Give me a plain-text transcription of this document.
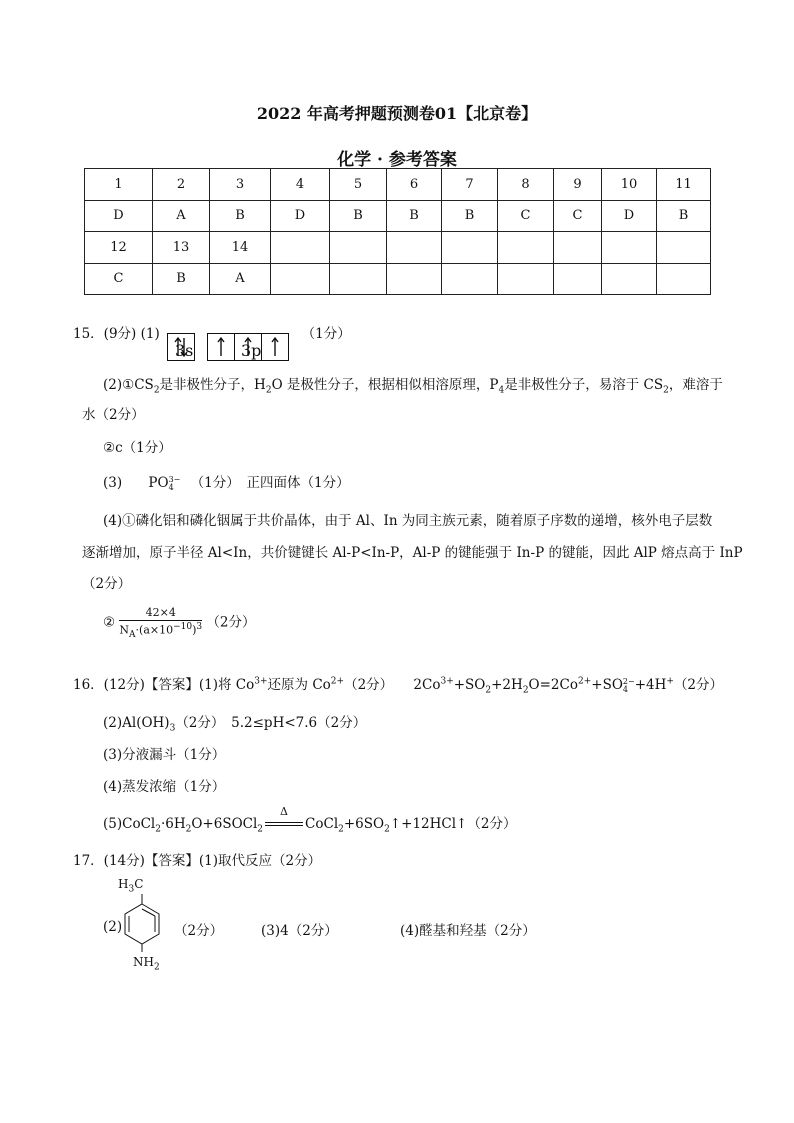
2022 年高考押题预测卷01【北京卷】
化学 · 参考答案
1	2	3	4	5	6	7	8	9	10	11
D	A	B	D	B	B	B	C	C	D	B
12	13	14								
C	B	A								
15．(9分) (1)	（1分）
3s	3p
$(2)①CS_2$是非极性分子，$H_2O$ 是极性分子，根据相似相溶原理，$P_4$是非极性分子，易溶于 $CS_2$，难溶于
水（2分）
②c（1分）
(3) PO 3−
4	（1分）　正四面体（1分）
(4)①磷化铝和磷化铟属于共价晶体，由于 Al、In 为同主族元素，随着原子序数的递增，核外电子层数
逐渐增加，原子半径 Al<In，共价键键长 Al-P<In-P，Al-P 的键能强于 In-P 的键能，因此 AlP 熔点高于 InP
（2分）
② $\frac{42\times 4}{N_A\cdot(a\times 10^{-10})^3} (2$分）
16．(12分)【答案】(1)将 $Co^{3+}$还原为 $Co^{2+}(2$分）　　$2Co^{3+}+SO_2+2H_2O=2Co^{2+}+SO$ 2−
4 +4H+（2分）
$(2)Al(OH)_3(2$分）　5.2≤pH<7.6（2分）
(3)分液漏斗（1分）
(4)蒸发浓缩（1分）
$(5)CoCl_2\cdot 6H_2O+6SOCl_2$
Δ
$CoCl_2+6SO_2↑+12HCl↑(2$分）
17．(14分)【答案】(1)取代反应（2分）
(2)
$H_3C$
$NH_2$
（2分）	(3)4（2分）	(4)醛基和羟基（2分）
